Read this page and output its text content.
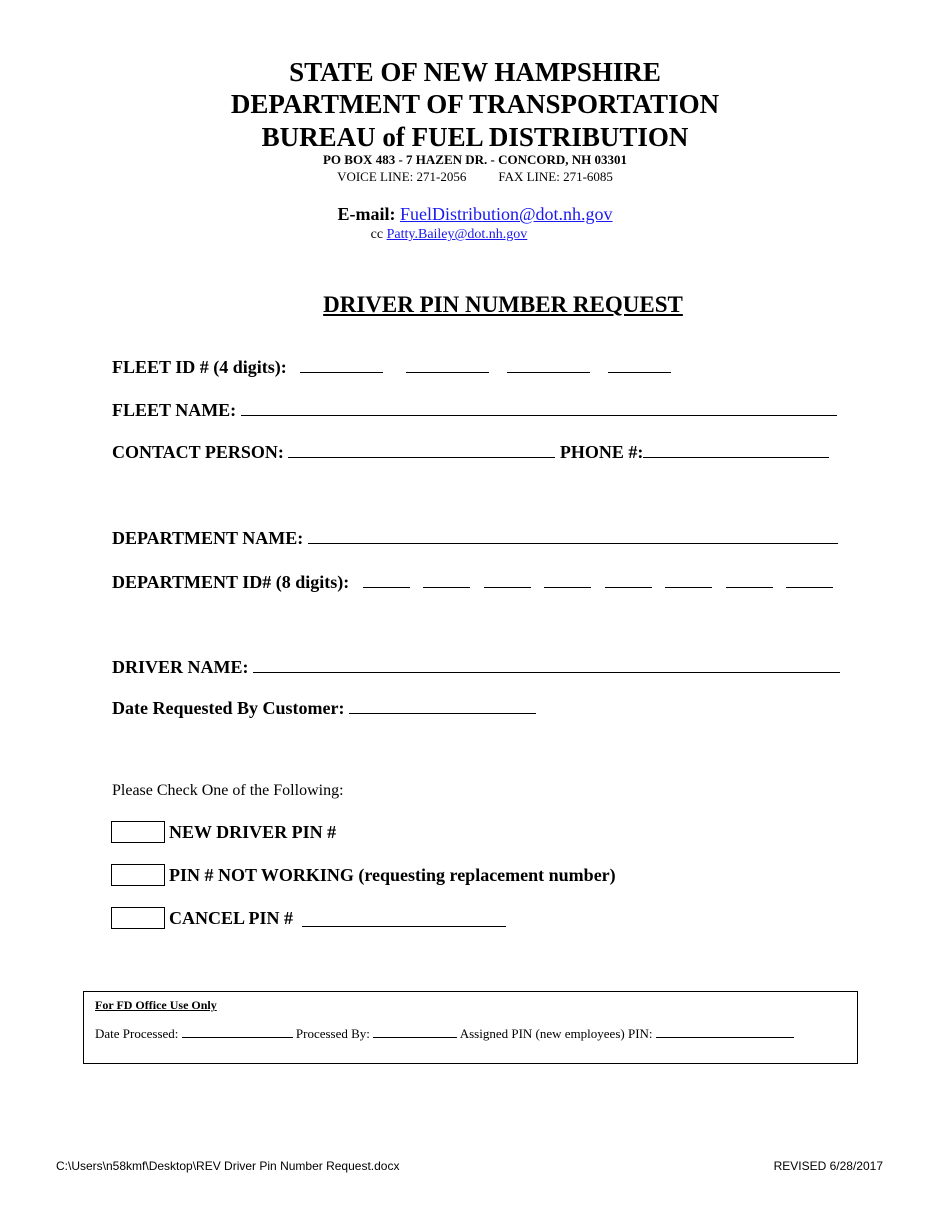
STATE OF NEW HAMPSHIRE
DEPARTMENT OF TRANSPORTATION
BUREAU of FUEL DISTRIBUTION
PO BOX 483 - 7 HAZEN DR. - CONCORD, NH 03301
VOICE LINE: 271-2056 FAX LINE: 271-6085
E-mail: FuelDistribution@dot.nh.gov
cc Patty.Bailey@dot.nh.gov
DRIVER PIN NUMBER REQUEST
FLEET ID # (4 digits):
FLEET NAME:
CONTACT PERSON:	PHONE #:
DEPARTMENT NAME:
DEPARTMENT ID# (8 digits):
DRIVER NAME:
Date Requested By Customer:
Please Check One of the Following:
NEW DRIVER PIN #
PIN # NOT WORKING (requesting replacement number)
CANCEL PIN #

For FD Office Use Only
Date Processed:	Processed By:	Assigned PIN (new employees) PIN:
C:\Users\n58kmf\Desktop\REV Driver Pin Number Request.docx	REVISED 6/28/2017
